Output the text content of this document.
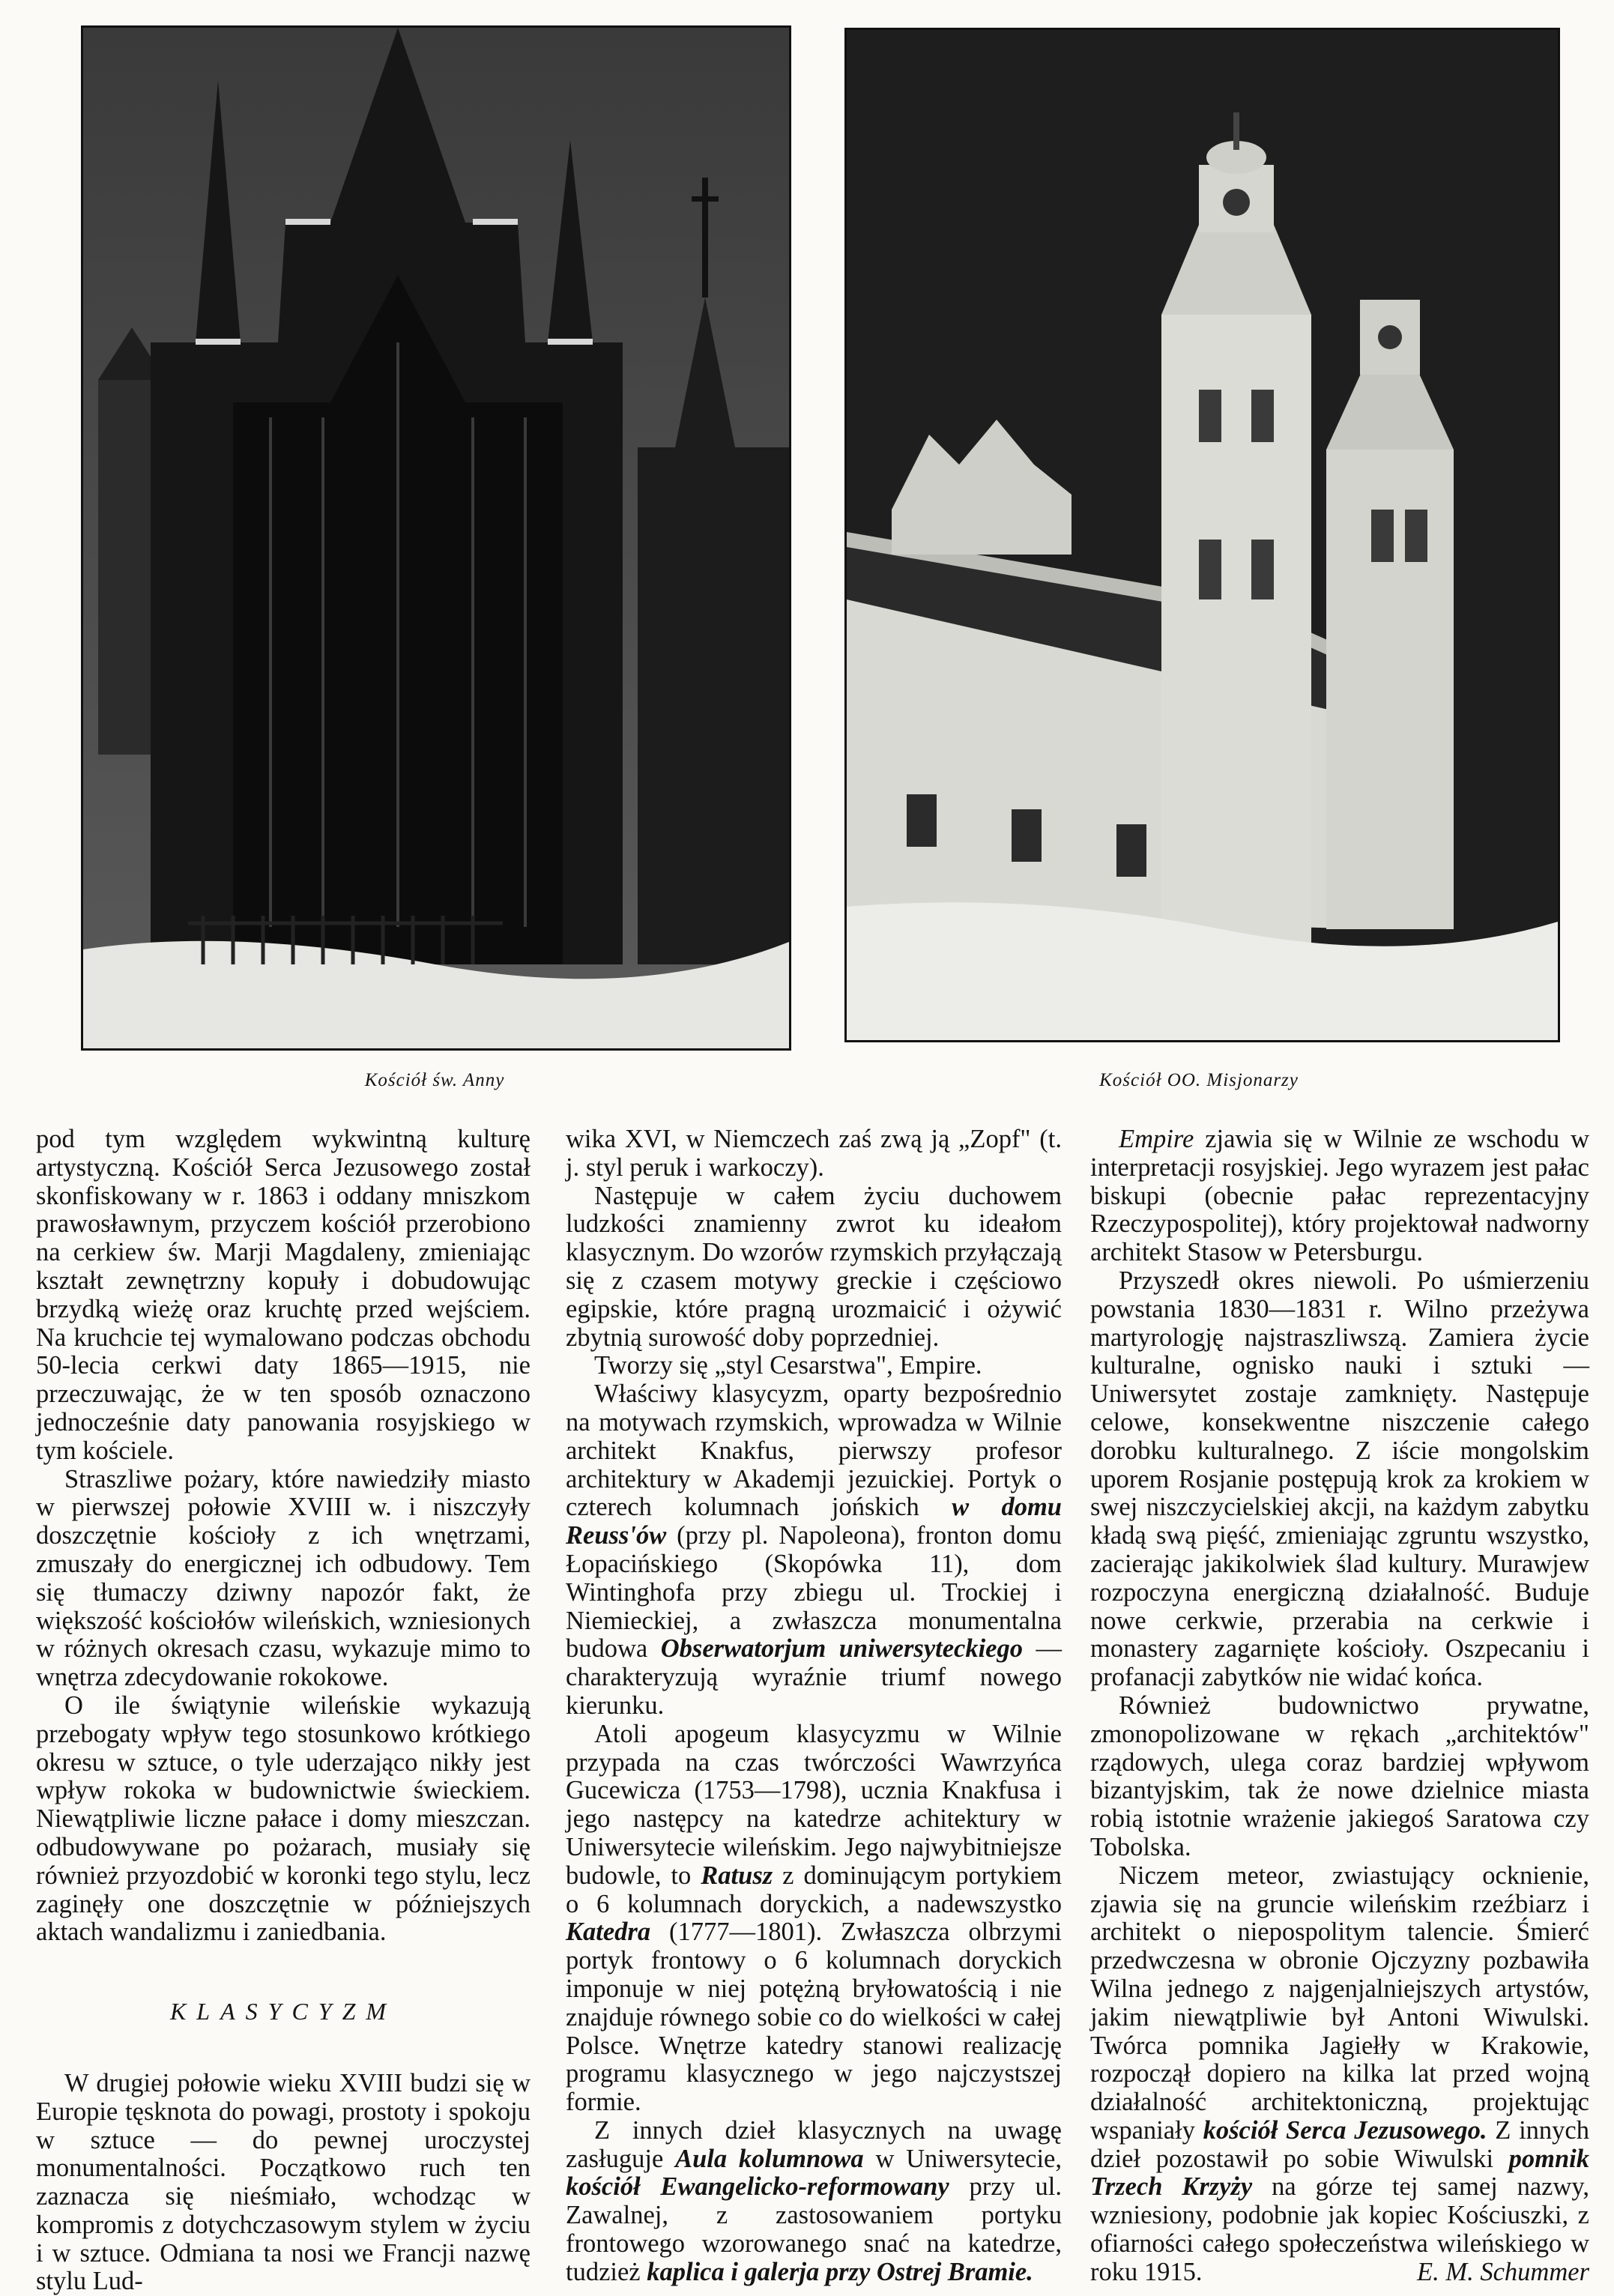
Kościół św. Anny	Kościół OO. Misjonarzy

pod tym względem wykwintną kulturę artystyczną. Kościół Serca Jezusowego został skonfiskowany w r. 1863 i oddany mniszkom prawosławnym, przyczem kościół przerobiono na cerkiew św. Marji Magdaleny, zmieniając kształt zewnętrzny kopuły i dobudowując brzydką wieżę oraz kruchtę przed wejściem. Na kruchcie tej wymalowano podczas obchodu 50-lecia cerkwi daty 1865—1915, nie przeczuwając, że w ten sposób oznaczono jednocześnie daty panowania rosyjskiego w tym kościele.

Straszliwe pożary, które nawiedziły miasto w pierwszej połowie XVIII w. i niszczyły doszczętnie kościoły z ich wnętrzami, zmuszały do energicznej ich odbudowy. Tem się tłumaczy dziwny napozór fakt, że większość kościołów wileńskich, wzniesionych w różnych okresach czasu, wykazuje mimo to wnętrza zdecydowanie rokokowe.

O ile świątynie wileńskie wykazują przebogaty wpływ tego stosunkowo krótkiego okresu w sztuce, o tyle uderzająco nikły jest wpływ rokoka w budownictwie świeckiem. Niewątpliwie liczne pałace i domy mieszczan. odbudowywane po pożarach, musiały się również przyozdobić w koronki tego stylu, lecz zaginęły one doszczętnie w późniejszych aktach wandalizmu i zaniedbania.

KLASYCYZM

W drugiej połowie wieku XVIII budzi się w Europie tęsknota do powagi, prostoty i spokoju w sztuce — do pewnej uroczystej monumentalności. Początkowo ruch ten zaznacza się nieśmiało, wchodząc w kompromis z dotychczasowym stylem w życiu i w sztuce. Odmiana ta nosi we Francji nazwę stylu Lud-

wika XVI, w Niemczech zaś zwą ją „Zopf" (t. j. styl peruk i warkoczy).

Następuje w całem życiu duchowem ludzkości znamienny zwrot ku ideałom klasycznym. Do wzorów rzymskich przyłączają się z czasem motywy greckie i częściowo egipskie, które pragną urozmaicić i ożywić zbytnią surowość doby poprzedniej.

Tworzy się „styl Cesarstwa", Empire.

Właściwy klasycyzm, oparty bezpośrednio na motywach rzymskich, wprowadza w Wilnie architekt Knakfus, pierwszy profesor architektury w Akademji jezuickiej. Portyk o czterech kolumnach jońskich w domu Reuss'ów (przy pl. Napoleona), fronton domu Łopacińskiego (Skopówka 11), dom Wintinghofa przy zbiegu ul. Trockiej i Niemieckiej, a zwłaszcza monumentalna budowa Obserwatorjum uniwersyteckiego — charakteryzują wyraźnie triumf nowego kierunku.

Atoli apogeum klasycyzmu w Wilnie przypada na czas twórczości Wawrzyńca Gucewicza (1753—1798), ucznia Knakfusa i jego następcy na katedrze achitektury w Uniwersytecie wileńskim. Jego najwybitniejsze budowle, to Ratusz z dominującym portykiem o 6 kolumnach doryckich, a nadewszystko Katedra (1777—1801). Zwłaszcza olbrzymi portyk frontowy o 6 kolumnach doryckich imponuje w niej potężną bryłowatością i nie znajduje równego sobie co do wielkości w całej Polsce. Wnętrze katedry stanowi realizację programu klasycznego w jego najczystszej formie.

Z innych dzieł klasycznych na uwagę zasługuje Aula kolumnowa w Uniwersytecie, kościół Ewangelicko-reformowany przy ul. Zawalnej, z zastosowaniem portyku frontowego wzorowanego snać na katedrze, tudzież kaplica i galerja przy Ostrej Bramie.

Empire zjawia się w Wilnie ze wschodu w interpretacji rosyjskiej. Jego wyrazem jest pałac biskupi (obecnie pałac reprezentacyjny Rzeczypospolitej), który projektował nadworny architekt Stasow w Petersburgu.

Przyszedł okres niewoli. Po uśmierzeniu powstania 1830—1831 r. Wilno przeżywa martyrologję najstraszliwszą. Zamiera życie kulturalne, ognisko nauki i sztuki — Uniwersytet zostaje zamknięty. Następuje celowe, konsekwentne niszczenie całego dorobku kulturalnego. Z iście mongolskim uporem Rosjanie postępują krok za krokiem w swej niszczycielskiej akcji, na każdym zabytku kładą swą pięść, zmieniając zgruntu wszystko, zacierając jakikolwiek ślad kultury. Murawjew rozpoczyna energiczną działalność. Buduje nowe cerkwie, przerabia na cerkwie i monastery zagarnięte kościoły. Oszpecaniu i profanacji zabytków nie widać końca.

Również budownictwo prywatne, zmonopolizowane w rękach „architektów" rządowych, ulega coraz bardziej wpływom bizantyjskim, tak że nowe dzielnice miasta robią istotnie wrażenie jakiegoś Saratowa czy Tobolska.

Niczem meteor, zwiastujący ocknienie, zjawia się na gruncie wileńskim rzeźbiarz i architekt o niepospolitym talencie. Śmierć przedwczesna w obronie Ojczyzny pozbawiła Wilna jednego z najgenjalniejszych artystów, jakim niewątpliwie był Antoni Wiwulski. Twórca pomnika Jagiełły w Krakowie, rozpoczął dopiero na kilka lat przed wojną działalność architektoniczną, projektując wspaniały kościół Serca Jezusowego. Z innych dzieł pozostawił po sobie Wiwulski pomnik Trzech Krzyży na górze tej samej nazwy, wzniesiony, podobnie jak kopiec Kościuszki, z ofiarności całego społeczeństwa wileńskiego w roku 1915.	E. M. Schummer
